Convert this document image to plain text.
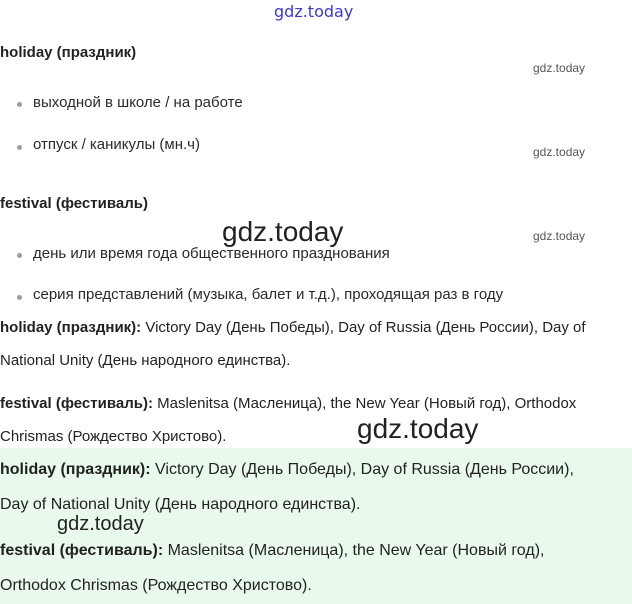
gdz.today
gdz.today
gdz.today
gdz.today
holiday (праздник)
выходной в школе / на работе
отпуск / каникулы (мн.ч)
festival (фестиваль)
gdz.today
день или время года общественного празднования
серия представлений (музыка, балет и т.д.), проходящая раз в году
holiday (праздник): Victory Day (День Победы), Day of Russia (День России), Day of
National Unity (День народного единства).
festival (фестиваль): Maslenitsa (Масленица), the New Year (Новый год), Orthodox
gdz.today
Chrismas (Рождество Христово).
holiday (праздник): Victory Day (День Победы), Day of Russia (День России),
Day of National Unity (День народного единства).
gdz.today
festival (фестиваль): Maslenitsa (Масленица), the New Year (Новый год),
Orthodox Chrismas (Рождество Христово).
